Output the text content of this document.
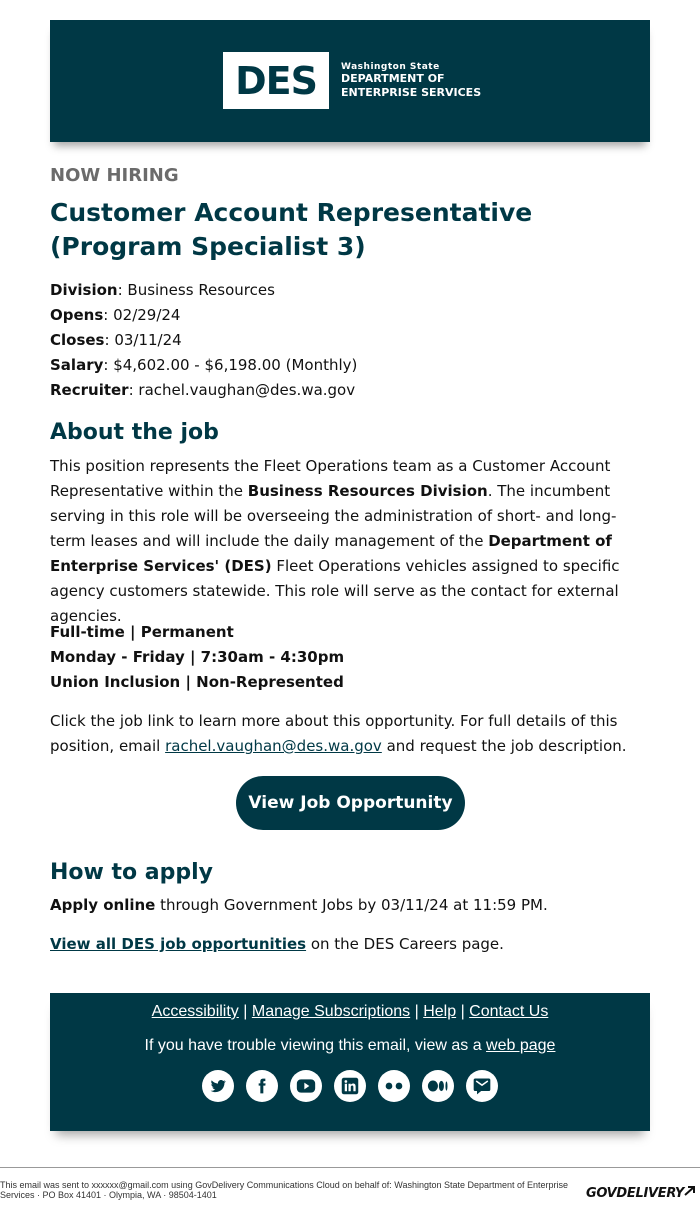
DES	Washington State
DEPARTMENT OF
ENTERPRISE SERVICES
NOW HIRING
Customer Account Representative (Program Specialist 3)
Division: Business Resources
Opens: 02/29/24
Closes: 03/11/24
Salary: $4,602.00 - $6,198.00 (Monthly)
Recruiter: rachel.vaughan@des.wa.gov
About the job
This position represents the Fleet Operations team as a Customer Account Representative within the Business Resources Division. The incumbent serving in this role will be overseeing the administration of short- and long-term leases and will include the daily management of the Department of Enterprise Services' (DES) Fleet Operations vehicles assigned to specific agency customers statewide. This role will serve as the contact for external agencies.
Full-time | Permanent
Monday - Friday | 7:30am - 4:30pm
Union Inclusion | Non-Represented
Click the job link to learn more about this opportunity. For full details of this position, email rachel.vaughan@des.wa.gov and request the job description.
View Job Opportunity
How to apply
Apply online through Government Jobs by 03/11/24 at 11:59 PM.
View all DES job opportunities on the DES Careers page.
Accessibility | Manage Subscriptions | Help | Contact Us
If you have trouble viewing this email, view as a web page
This email was sent to xxxxxx@gmail.com using GovDelivery Communications Cloud on behalf of: Washington State Department of Enterprise Services · PO Box 41401 · Olympia, WA · 98504-1401	GOVDELIVERY
